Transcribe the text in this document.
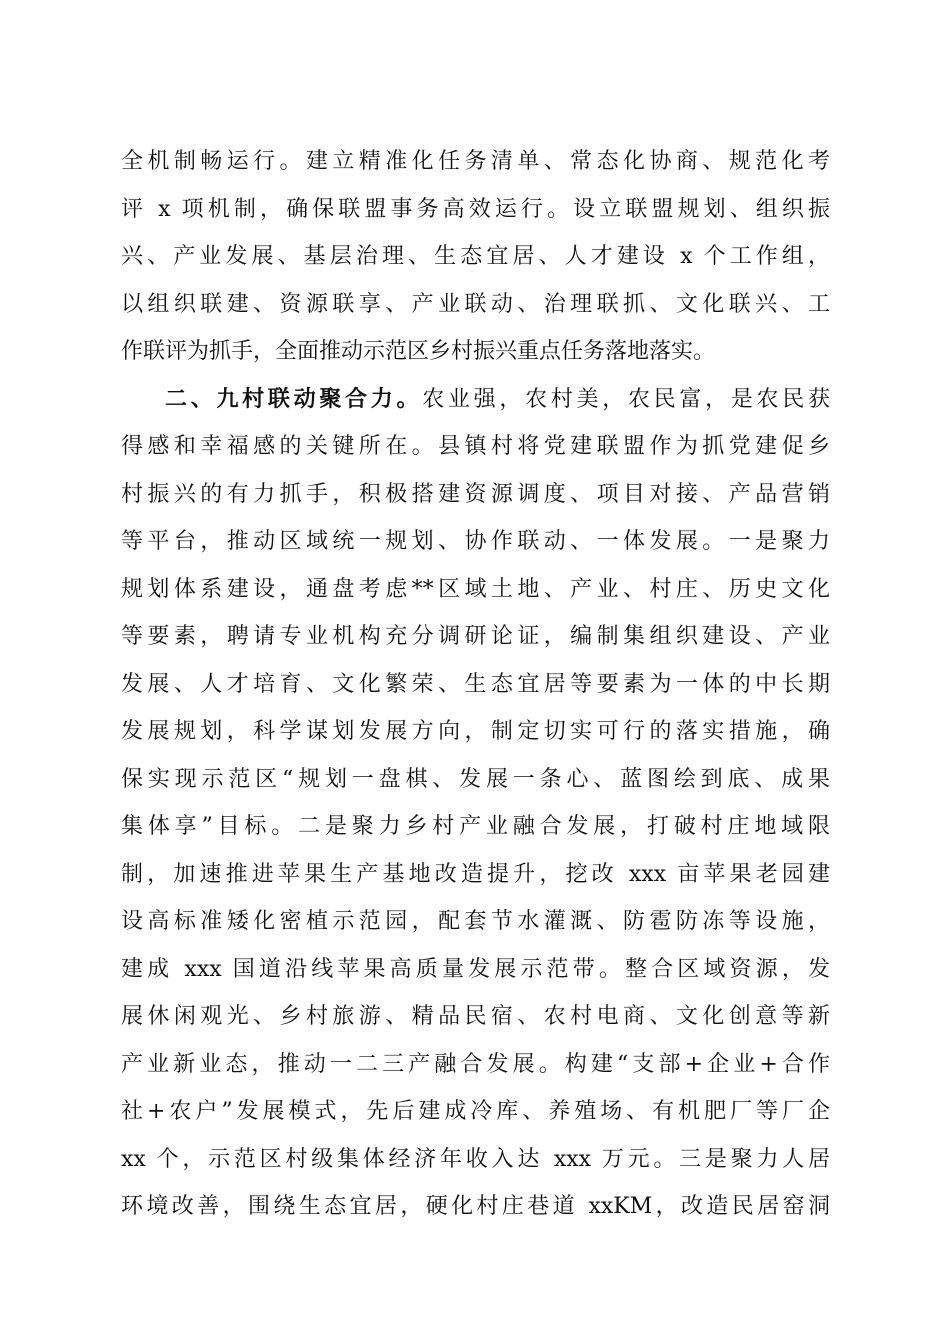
全机制畅运行。建立精准化任务清单、常态化协商、规范化考
评 x 项机制，确保联盟事务高效运行。设立联盟规划、组织振
兴、产业发展、基层治理、生态宜居、人才建设 x 个工作组，
以组织联建、资源联享、产业联动、治理联抓、文化联兴、工
作联评为抓手，全面推动示范区乡村振兴重点任务落地落实。
二、九村联动聚合力。农业强，农村美，农民富，是农民获
得感和幸福感的关键所在。县镇村将党建联盟作为抓党建促乡
村振兴的有力抓手，积极搭建资源调度、项目对接、产品营销
等平台，推动区域统一规划、协作联动、一体发展。一是聚力
规划体系建设，通盘考虑**区域土地、产业、村庄、历史文化
等要素，聘请专业机构充分调研论证，编制集组织建设、产业
发展、人才培育、文化繁荣、生态宜居等要素为一体的中长期
发展规划，科学谋划发展方向，制定切实可行的落实措施，确
保实现示范区“规划一盘棋、发展一条心、蓝图绘到底、成果
集体享”目标。二是聚力乡村产业融合发展，打破村庄地域限
制，加速推进苹果生产基地改造提升，挖改 xxx 亩苹果老园建
设高标准矮化密植示范园，配套节水灌溉、防雹防冻等设施，
建成 xxx 国道沿线苹果高质量发展示范带。整合区域资源，发
展休闲观光、乡村旅游、精品民宿、农村电商、文化创意等新
产业新业态，推动一二三产融合发展。构建“支部+企业+合作
社+农户”发展模式，先后建成冷库、养殖场、有机肥厂等厂企
xx 个，示范区村级集体经济年收入达 xxx 万元。三是聚力人居
环境改善，围绕生态宜居，硬化村庄巷道 xxKM，改造民居窑洞
